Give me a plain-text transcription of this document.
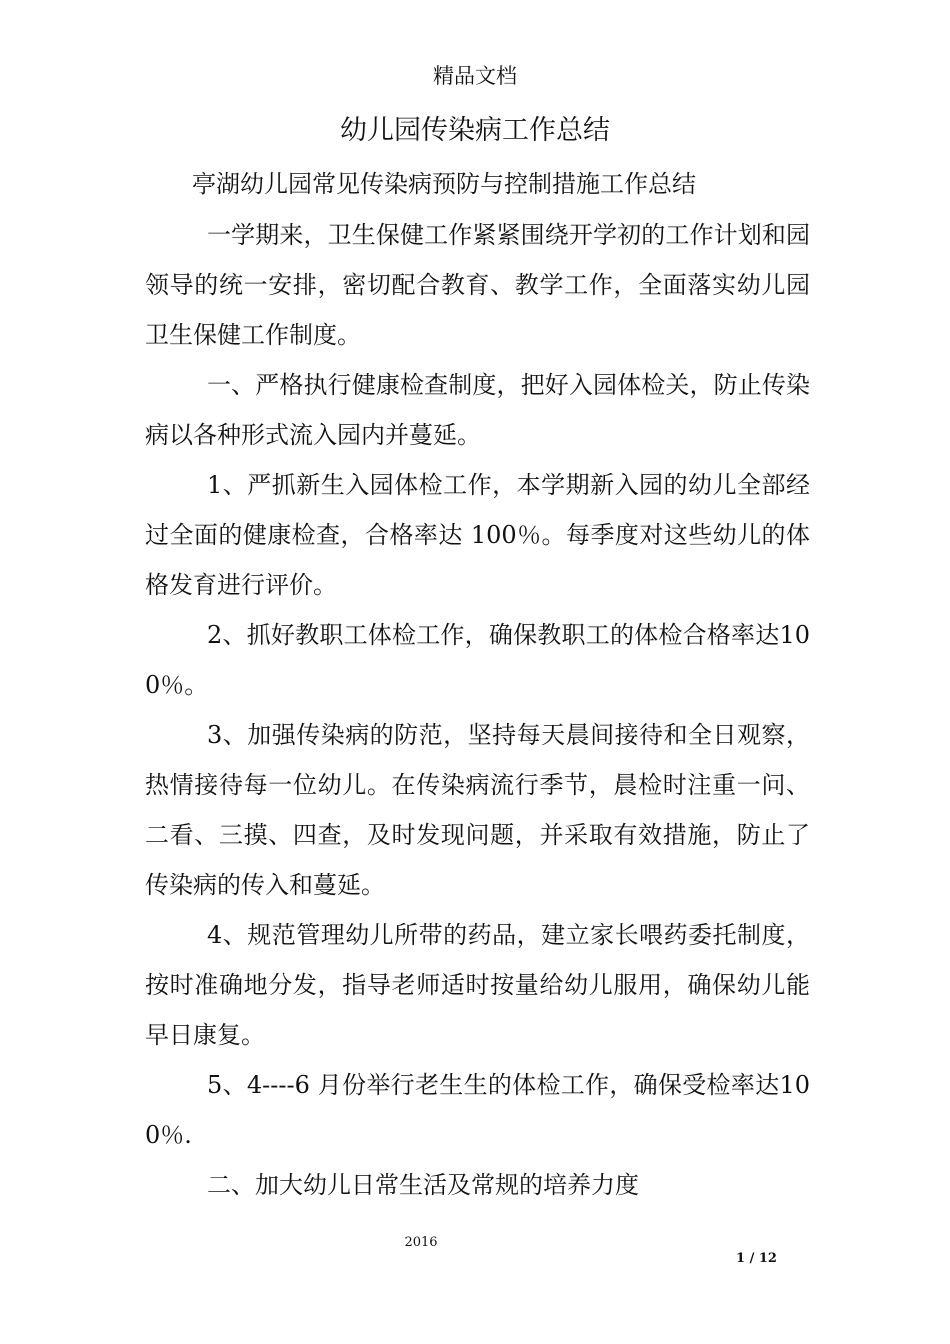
精品文档
幼儿园传染病工作总结
亭湖幼儿园常见传染病预防与控制措施工作总结

一学期来，卫生保健工作紧紧围绕开学初的工作计划和园领导的统一安排，密切配合教育、教学工作，全面落实幼儿园卫生保健工作制度。

一、严格执行健康检查制度，把好入园体检关，防止传染病以各种形式流入园内并蔓延。

1、严抓新生入园体检工作，本学期新入园的幼儿全部经过全面的健康检查，合格率达 100％。每季度对这些幼儿的体格发育进行评价。

2、抓好教职工体检工作，确保教职工的体检合格率达100％。

3、加强传染病的防范，坚持每天晨间接待和全日观察，热情接待每一位幼儿。在传染病流行季节，晨检时注重一问、二看、三摸、四查，及时发现问题，并采取有效措施，防止了传染病的传入和蔓延。

4、规范管理幼儿所带的药品，建立家长喂药委托制度，按时准确地分发，指导老师适时按量给幼儿服用，确保幼儿能早日康复。

5、4----6 月份举行老生生的体检工作，确保受检率达100％.

二、加大幼儿日常生活及常规的培养力度

2016
1 / 12
